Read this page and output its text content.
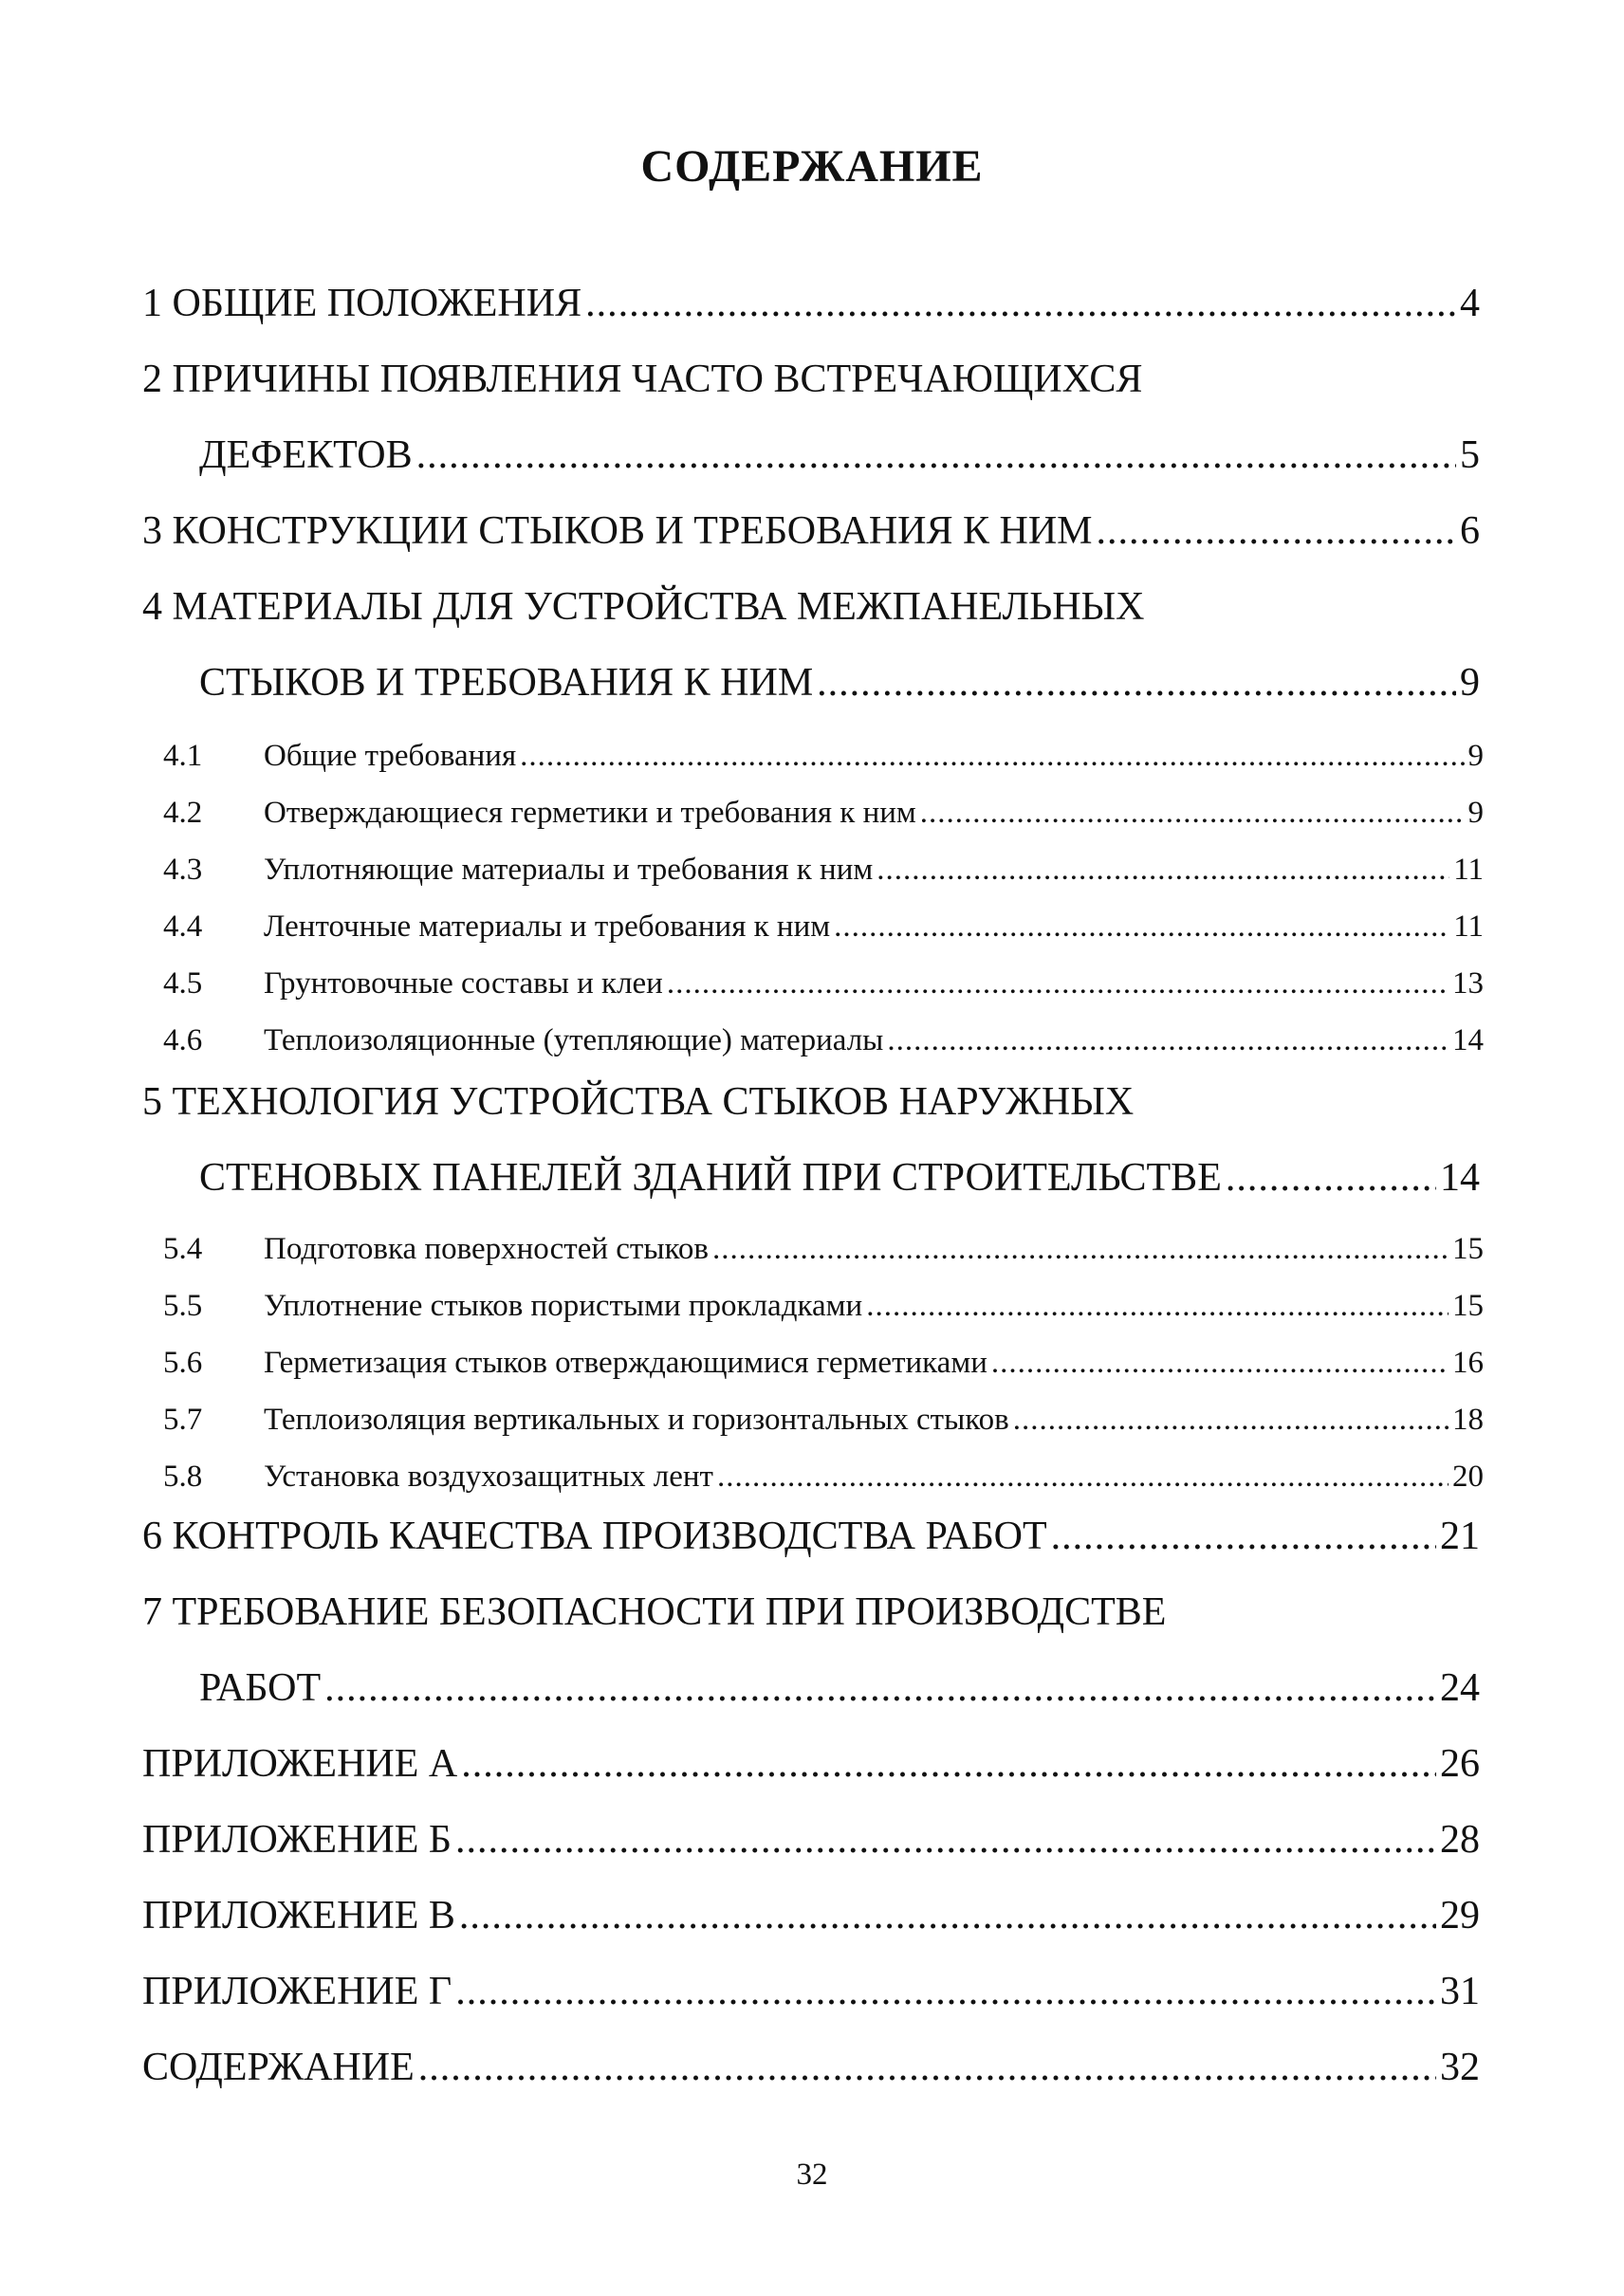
СОДЕРЖАНИЕ
1 ОБЩИЕ ПОЛОЖЕНИЯ .....	4
2 ПРИЧИНЫ ПОЯВЛЕНИЯ ЧАСТО ВСТРЕЧАЮЩИХСЯ
ДЕФЕКТОВ .....	5
3 КОНСТРУКЦИИ СТЫКОВ И ТРЕБОВАНИЯ К НИМ .....	6
4 МАТЕРИАЛЫ ДЛЯ УСТРОЙСТВА МЕЖПАНЕЛЬНЫХ
СТЫКОВ И ТРЕБОВАНИЯ К НИМ .....	9
4.1	Общие требования .....	9
4.2	Отверждающиеся герметики и требования к ним .....	9
4.3	Уплотняющие материалы и требования к ним .....	11
4.4	Ленточные материалы и требования к ним .....	11
4.5	Грунтовочные составы и клеи .....	13
4.6	Теплоизоляционные (утепляющие) материалы .....	14
5 ТЕХНОЛОГИЯ УСТРОЙСТВА СТЫКОВ НАРУЖНЫХ
СТЕНОВЫХ ПАНЕЛЕЙ ЗДАНИЙ ПРИ СТРОИТЕЛЬСТВЕ .....	14
5.4	Подготовка поверхностей стыков .....	15
5.5	Уплотнение стыков пористыми прокладками .....	15
5.6	Герметизация стыков отверждающимися герметиками .....	16
5.7	Теплоизоляция вертикальных и горизонтальных стыков .....	18
5.8	Установка воздухозащитных лент .....	20
6 КОНТРОЛЬ КАЧЕСТВА ПРОИЗВОДСТВА РАБОТ .....	21
7 ТРЕБОВАНИЕ БЕЗОПАСНОСТИ ПРИ ПРОИЗВОДСТВЕ
РАБОТ .....	24
ПРИЛОЖЕНИЕ А .....	26
ПРИЛОЖЕНИЕ Б .....	28
ПРИЛОЖЕНИЕ В .....	29
ПРИЛОЖЕНИЕ Г .....	31
СОДЕРЖАНИЕ .....	32
32
